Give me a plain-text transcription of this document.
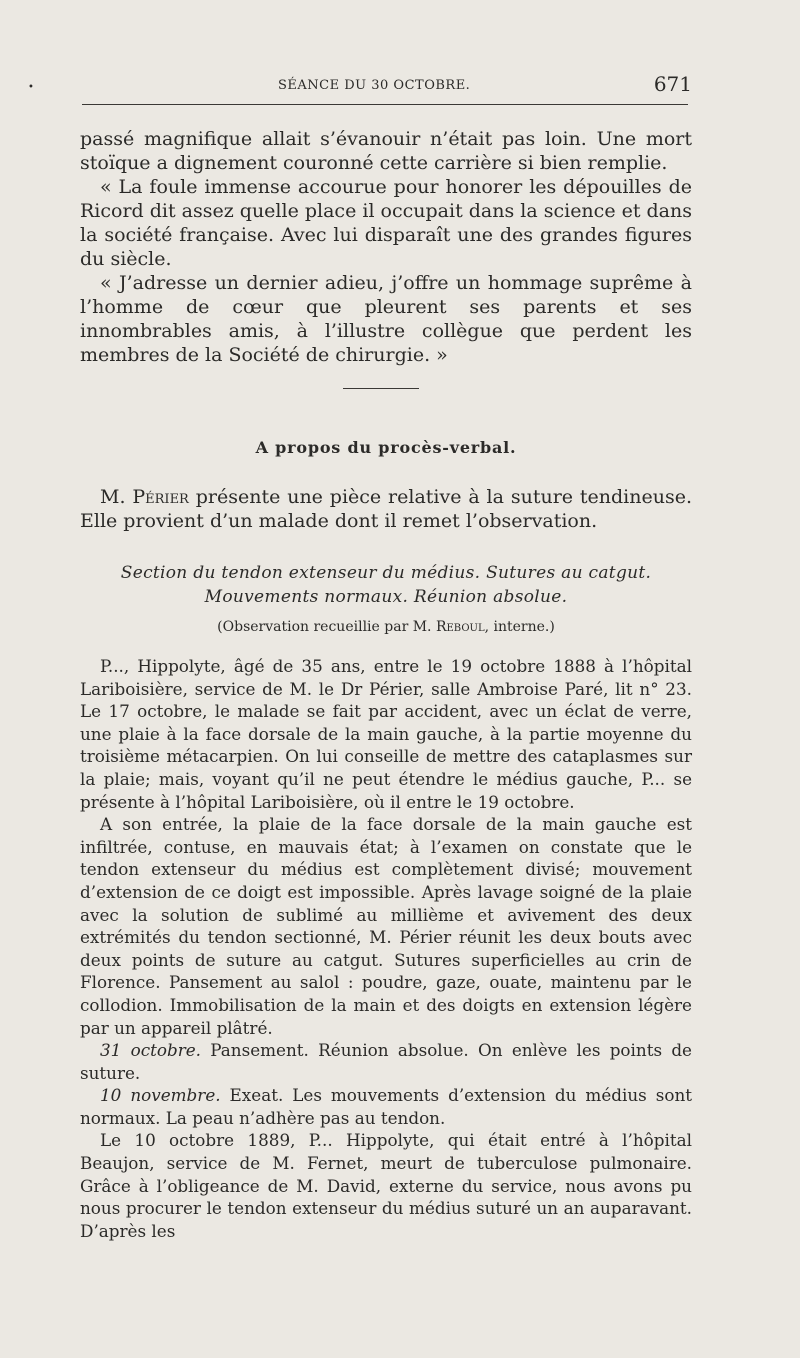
•	SÉANCE DU 30 OCTOBRE.	671

passé magnifique allait s’évanouir n’était pas loin. Une mort stoïque a dignement couronné cette carrière si bien remplie.

« La foule immense accourue pour honorer les dépouilles de Ricord dit assez quelle place il occupait dans la science et dans la société française. Avec lui disparaît une des grandes figures du siècle.

« J’adresse un dernier adieu, j’offre un hommage suprême à l’homme de cœur que pleurent ses parents et ses innombrables amis, à l’illustre collègue que perdent les membres de la Société de chirurgie. »

A propos du procès-verbal.

M. Périer présente une pièce relative à la suture tendineuse. Elle provient d’un malade dont il remet l’observation.

Section du tendon extenseur du médius. Sutures au catgut.

Mouvements normaux. Réunion absolue.

(Observation recueillie par M. Reboul, interne.)

P..., Hippolyte, âgé de 35 ans, entre le 19 octobre 1888 à l’hôpital Lariboisière, service de M. le Dr Périer, salle Ambroise Paré, lit n° 23. Le 17 octobre, le malade se fait par accident, avec un éclat de verre, une plaie à la face dorsale de la main gauche, à la partie moyenne du troisième métacarpien. On lui conseille de mettre des cataplasmes sur la plaie; mais, voyant qu’il ne peut étendre le médius gauche, P... se présente à l’hôpital Lariboisière, où il entre le 19 octobre.

A son entrée, la plaie de la face dorsale de la main gauche est infiltrée, contuse, en mauvais état; à l’examen on constate que le tendon extenseur du médius est complètement divisé; mouvement d’extension de ce doigt est impossible. Après lavage soigné de la plaie avec la solution de sublimé au millième et avivement des deux extrémités du tendon sectionné, M. Périer réunit les deux bouts avec deux points de suture au catgut. Sutures superficielles au crin de Florence. Pansement au salol : poudre, gaze, ouate, maintenu par le collodion. Immobilisation de la main et des doigts en extension légère par un appareil plâtré.

31 octobre. Pansement. Réunion absolue. On enlève les points de suture.

10 novembre. Exeat. Les mouvements d’extension du médius sont normaux. La peau n’adhère pas au tendon.

Le 10 octobre 1889, P... Hippolyte, qui était entré à l’hôpital Beaujon, service de M. Fernet, meurt de tuberculose pulmonaire. Grâce à l’obligeance de M. David, externe du service, nous avons pu nous procurer le tendon extenseur du médius suturé un an auparavant. D’après les
